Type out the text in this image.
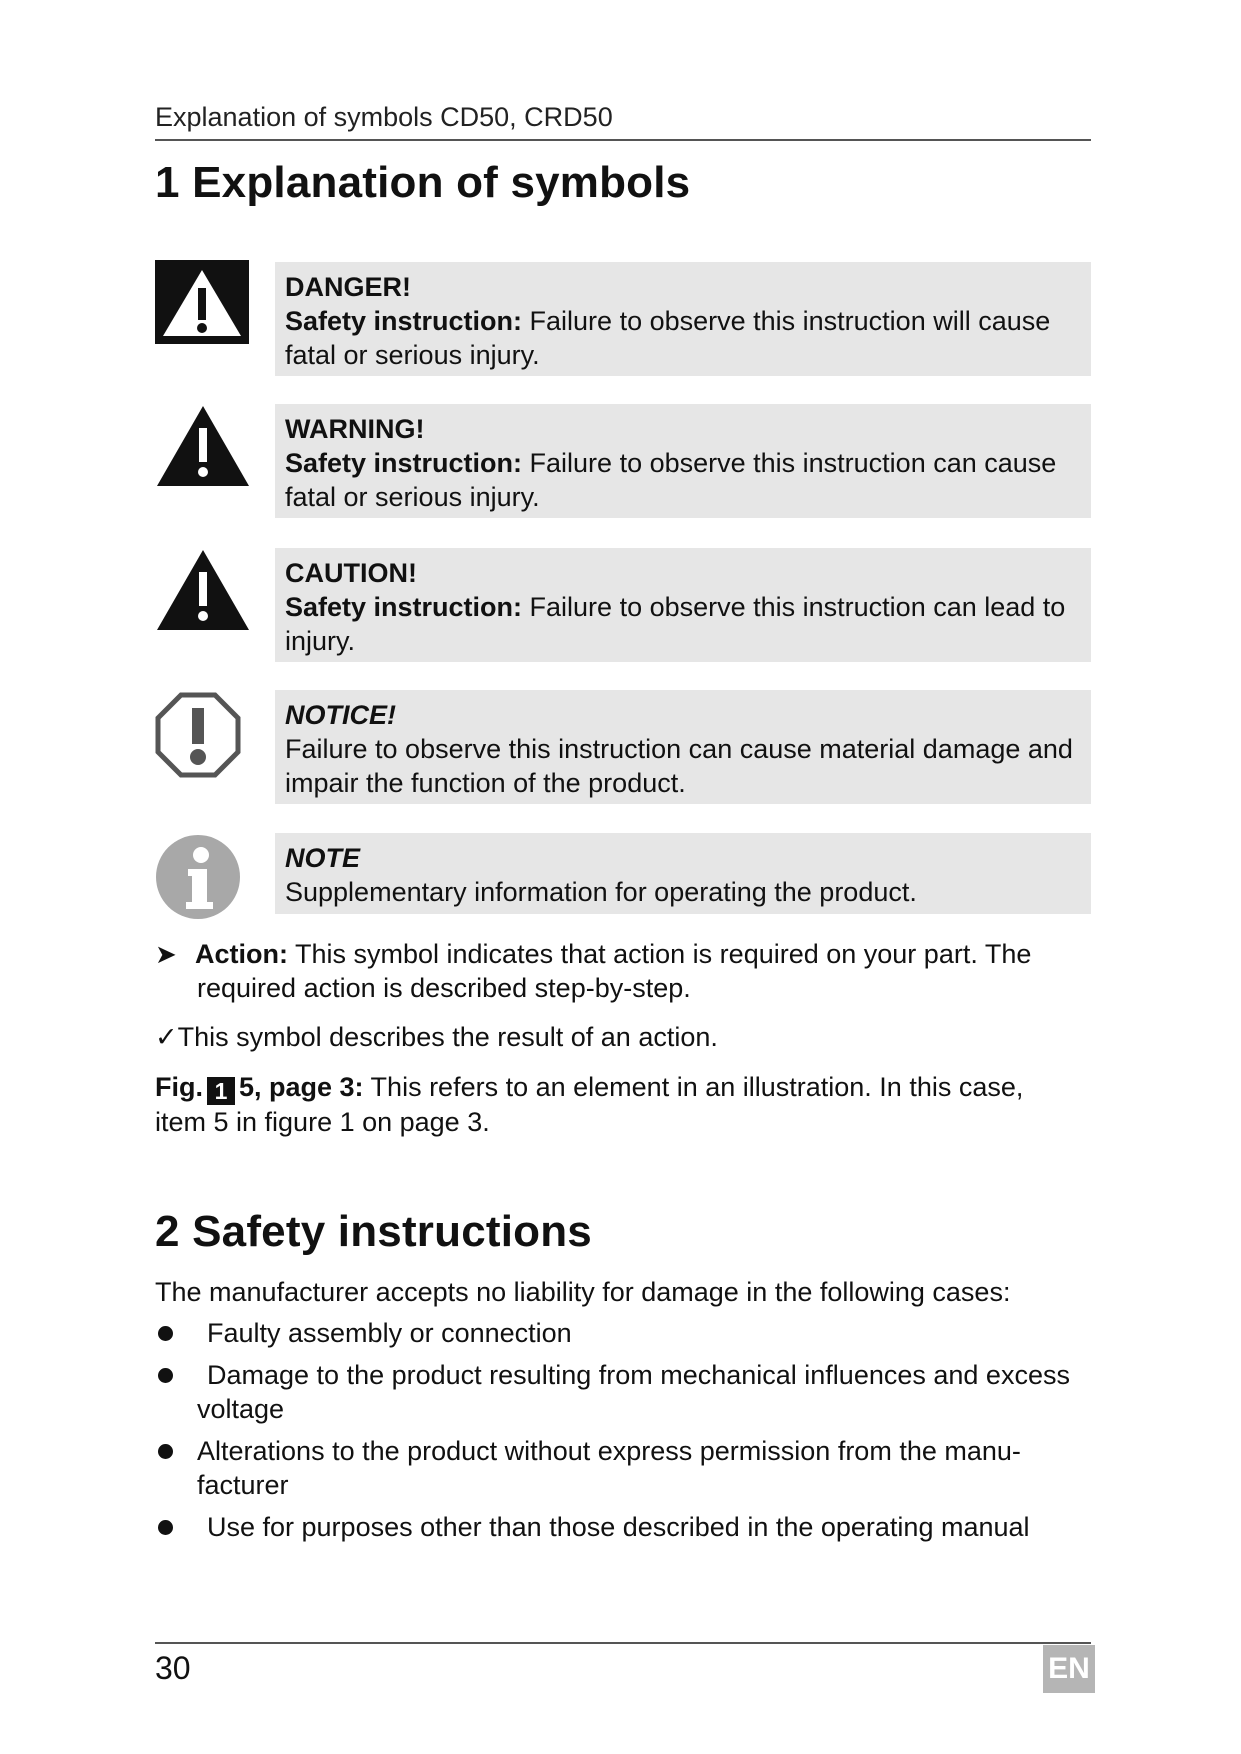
Explanation of symbols CD50, CRD50
1 Explanation of symbols
DANGER!
Safety instruction: Failure to observe this instruction will cause fatal or serious injury.
WARNING!
Safety instruction: Failure to observe this instruction can cause fatal or serious injury.
CAUTION!
Safety instruction: Failure to observe this instruction can lead to injury.
NOTICE!
Failure to observe this instruction can cause material damage and impair the function of the product.
NOTE
Supplementary information for operating the product.
➤ Action: This symbol indicates that action is required on your part. The
required action is described step-by-step.
✓This symbol describes the result of an action.
Fig. 1 5, page 3: This refers to an element in an illustration. In this case,
item 5 in figure 1 on page 3.
2 Safety instructions
The manufacturer accepts no liability for damage in the following cases:
Faulty assembly or connection
Damage to the product resulting from mechanical influences and excess voltage
Alterations to the product without express permission from the manu-facturer
Use for purposes other than those described in the operating manual
30	EN
